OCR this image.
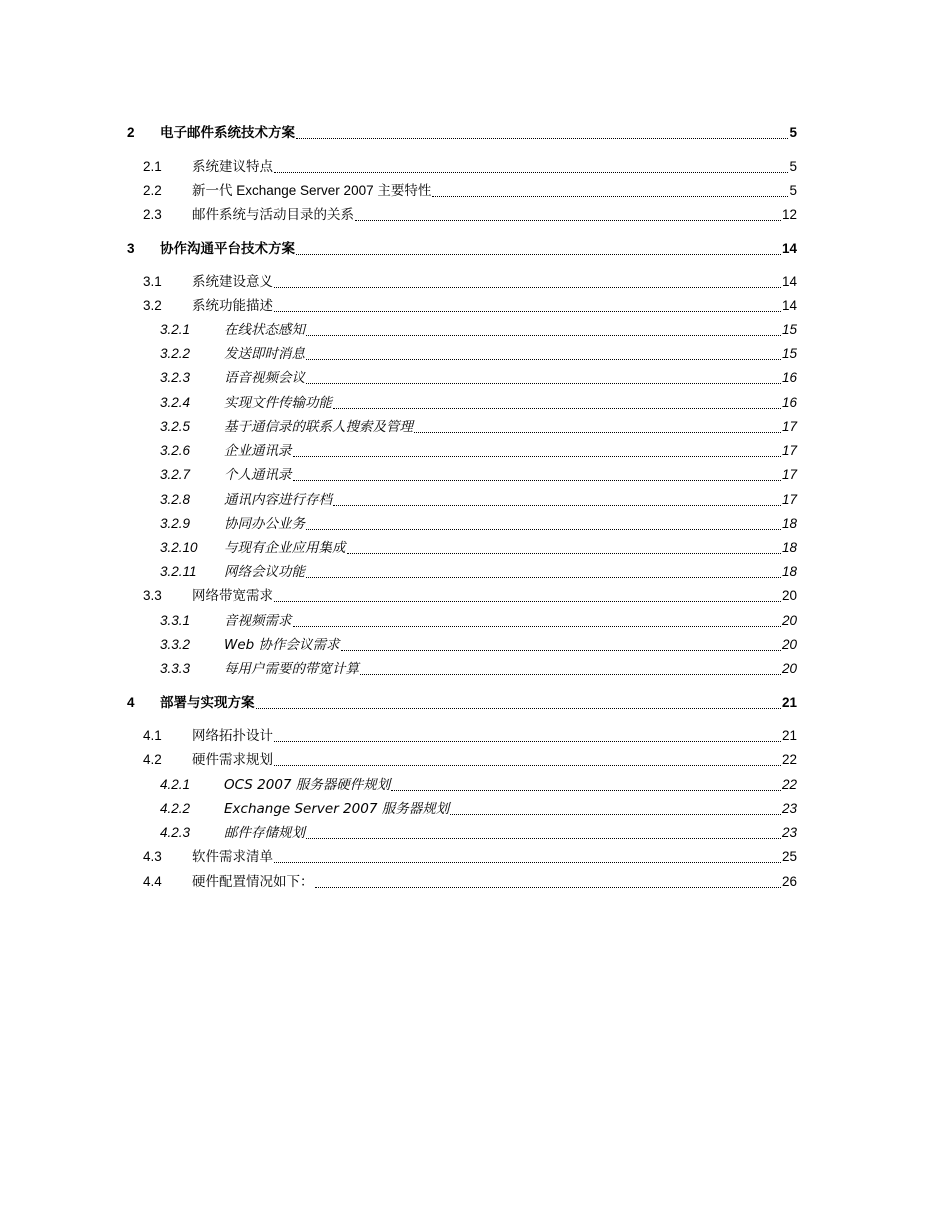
2 电子邮件系统技术方案	5
2.1 系统建议特点	5
2.2 新一代 Exchange Server 2007 主要特性	5
2.3 邮件系统与活动目录的关系	12
3 协作沟通平台技术方案	14
3.1 系统建设意义	14
3.2 系统功能描述	14
3.2.1	在线状态感知	15
3.2.2	发送即时消息	15
3.2.3	语音视频会议	16
3.2.4	实现文件传输功能	16
3.2.5	基于通信录的联系人搜索及管理	17
3.2.6	企业通讯录	17
3.2.7	个人通讯录	17
3.2.8	通讯内容进行存档	17
3.2.9	协同办公业务	18
3.2.10 与现有企业应用集成	18
3.2.11 网络会议功能	18
3.3 网络带宽需求	20
3.3.1	音视频需求	20
3.3.2	Web 协作会议需求	20
3.3.3	每用户需要的带宽计算	20
4 部署与实现方案	21
4.1 网络拓扑设计	21
4.2 硬件需求规划	22
4.2.1	OCS 2007 服务器硬件规划	22
4.2.2	Exchange Server 2007 服务器规划	23
4.2.3	邮件存储规划	23
4.3 软件需求清单	25
4.4 硬件配置情况如下：	26
